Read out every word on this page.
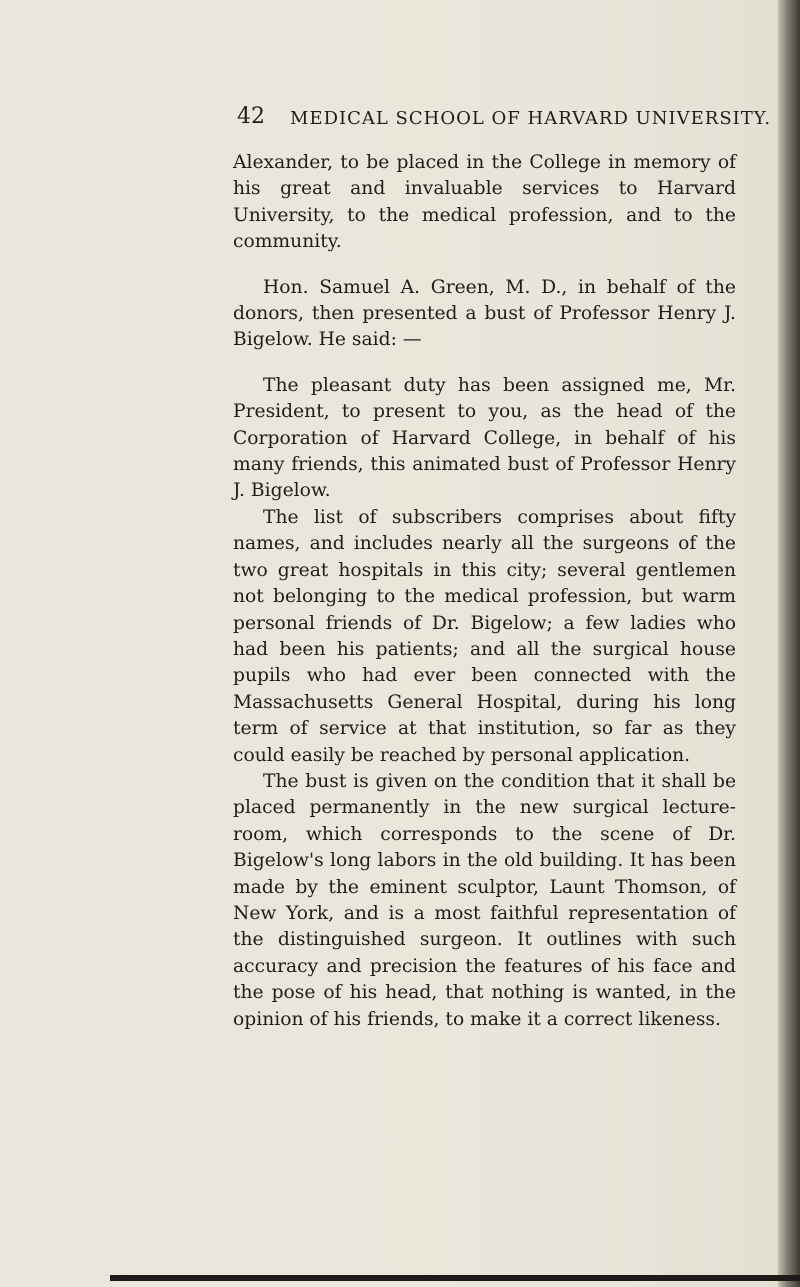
42 MEDICAL SCHOOL OF HARVARD UNIVERSITY.

Alexander, to be placed in the College in memory of his great and invaluable services to Harvard University, to the medical profession, and to the community.

Hon. Samuel A. Green, M. D., in behalf of the donors, then presented a bust of Professor Henry J. Bigelow. He said: —

The pleasant duty has been assigned me, Mr. President, to present to you, as the head of the Corporation of Harvard College, in behalf of his many friends, this animated bust of Professor Henry J. Bigelow.

The list of subscribers comprises about fifty names, and includes nearly all the surgeons of the two great hospitals in this city; several gentlemen not belonging to the medical profession, but warm personal friends of Dr. Bigelow; a few ladies who had been his patients; and all the surgical house pupils who had ever been connected with the Massachusetts General Hospital, during his long term of service at that institution, so far as they could easily be reached by personal application.

The bust is given on the condition that it shall be placed permanently in the new surgical lecture-room, which corresponds to the scene of Dr. Bigelow's long labors in the old building. It has been made by the eminent sculptor, Launt Thomson, of New York, and is a most faithful representation of the distinguished surgeon. It outlines with such accuracy and precision the features of his face and the pose of his head, that nothing is wanted, in the opinion of his friends, to make it a correct likeness.
